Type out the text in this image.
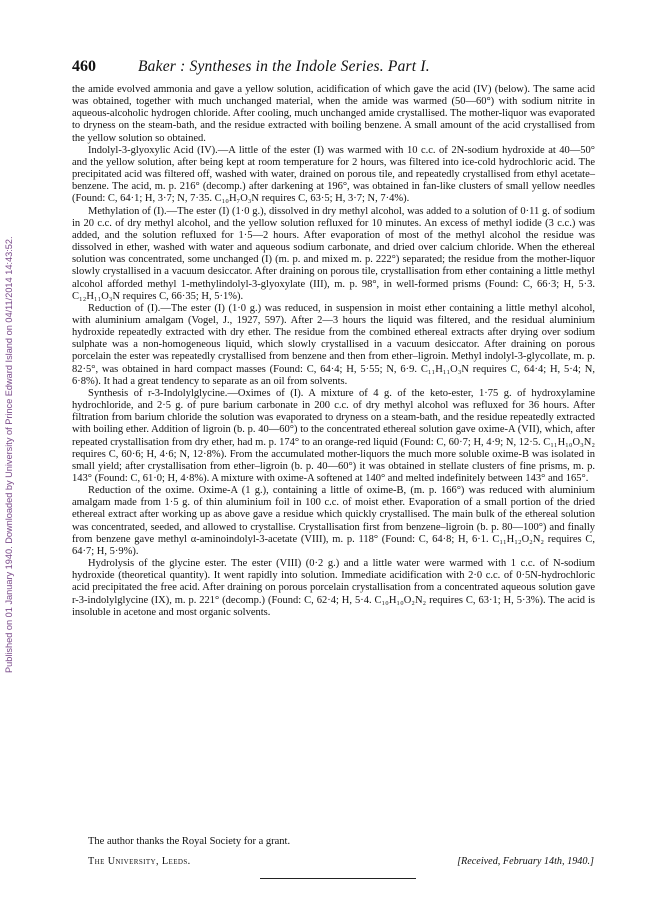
Published on 01 January 1940. Downloaded by University of Prince Edward Island on 04/11/2014 14:43:52.
460	Baker : Syntheses in the Indole Series. Part I.

the amide evolved ammonia and gave a yellow solution, acidification of which gave the acid (IV) (below). The same acid was obtained, together with much unchanged material, when the amide was warmed (50—60°) with sodium nitrite in aqueous-alcoholic hydrogen chloride. After cooling, much unchanged amide crystallised. The mother-liquor was evaporated to dryness on the steam-bath, and the residue extracted with boiling benzene. A small amount of the acid crystallised from the yellow solution so obtained.

Indolyl-3-glyoxylic Acid (IV).—A little of the ester (I) was warmed with 10 c.c. of 2N-sodium hydroxide at 40—50° and the yellow solution, after being kept at room temperature for 2 hours, was filtered into ice-cold hydrochloric acid. The precipitated acid was filtered off, washed with water, drained on porous tile, and repeatedly crystallised from ethyl acetate–benzene. The acid, m. p. 216° (decomp.) after darkening at 196°, was obtained in fan-like clusters of small yellow needles (Found: C, 64·1; H, 3·7; N, 7·35. C₁₀H₇O₃N requires C, 63·5; H, 3·7; N, 7·4%).

Methylation of (I).—The ester (I) (1·0 g.), dissolved in dry methyl alcohol, was added to a solution of 0·11 g. of sodium in 20 c.c. of dry methyl alcohol, and the yellow solution refluxed for 10 minutes. An excess of methyl iodide (3 c.c.) was added, and the solution refluxed for 1·5—2 hours. After evaporation of most of the methyl alcohol the residue was dissolved in ether, washed with water and aqueous sodium carbonate, and dried over calcium chloride. When the ethereal solution was concentrated, some unchanged (I) (m. p. and mixed m. p. 222°) separated; the residue from the mother-liquor slowly crystallised in a vacuum desiccator. After draining on porous tile, crystallisation from ether containing a little methyl alcohol afforded methyl 1-methylindolyl-3-glyoxylate (III), m. p. 98°, in well-formed prisms (Found: C, 66·3; H, 5·3. C₁₂H₁₁O₃N requires C, 66·35; H, 5·1%).

Reduction of (I).—The ester (I) (1·0 g.) was reduced, in suspension in moist ether containing a little methyl alcohol, with aluminium amalgam (Vogel, J., 1927, 597). After 2—3 hours the liquid was filtered, and the residual aluminium hydroxide repeatedly extracted with dry ether. The residue from the combined ethereal extracts after drying over sodium sulphate was a non-homogeneous liquid, which slowly crystallised in a vacuum desiccator. After draining on porous porcelain the ester was repeatedly crystallised from benzene and then from ether–ligroin. Methyl indolyl-3-glycollate, m. p. 82·5°, was obtained in hard compact masses (Found: C, 64·4; H, 5·55; N, 6·9. C₁₁H₁₁O₃N requires C, 64·4; H, 5·4; N, 6·8%). It had a great tendency to separate as an oil from solvents.

Synthesis of r-3-Indolylglycine.—Oximes of (I). A mixture of 4 g. of the keto-ester, 1·75 g. of hydroxylamine hydrochloride, and 2·5 g. of pure barium carbonate in 200 c.c. of dry methyl alcohol was refluxed for 36 hours. After filtration from barium chloride the solution was evaporated to dryness on a steam-bath, and the residue repeatedly extracted with boiling ether. Addition of ligroin (b. p. 40—60°) to the concentrated ethereal solution gave oxime-A (VII), which, after repeated crystallisation from dry ether, had m. p. 174° to an orange-red liquid (Found: C, 60·7; H, 4·9; N, 12·5. C₁₁H₁₀O₃N₂ requires C, 60·6; H, 4·6; N, 12·8%). From the accumulated mother-liquors the much more soluble oxime-B was isolated in small yield; after crystallisation from ether–ligroin (b. p. 40—60°) it was obtained in stellate clusters of fine prisms, m. p. 143° (Found: C, 61·0; H, 4·8%). A mixture with oxime-A softened at 140° and melted indefinitely between 143° and 165°.

Reduction of the oxime. Oxime-A (1 g.), containing a little of oxime-B, (m. p. 166°) was reduced with aluminium amalgam made from 1·5 g. of thin aluminium foil in 100 c.c. of moist ether. Evaporation of a small portion of the dried ethereal extract after working up as above gave a residue which quickly crystallised. The main bulk of the ethereal solution was concentrated, seeded, and allowed to crystallise. Crystallisation first from benzene–ligroin (b. p. 80—100°) and finally from benzene gave methyl α-aminoindolyl-3-acetate (VIII), m. p. 118° (Found: C, 64·8; H, 6·1. C₁₁H₁₂O₂N₂ requires C, 64·7; H, 5·9%).

Hydrolysis of the glycine ester. The ester (VIII) (0·2 g.) and a little water were warmed with 1 c.c. of N-sodium hydroxide (theoretical quantity). It went rapidly into solution. Immediate acidification with 2·0 c.c. of 0·5N-hydrochloric acid precipitated the free acid. After draining on porous porcelain crystallisation from a concentrated aqueous solution gave r-3-indolylglycine (IX), m. p. 221° (decomp.) (Found: C, 62·4; H, 5·4. C₁₀H₁₀O₂N₂ requires C, 63·1; H, 5·3%). The acid is insoluble in acetone and most organic solvents.

The author thanks the Royal Society for a grant.
The University, Leeds.	[Received, February 14th, 1940.]
